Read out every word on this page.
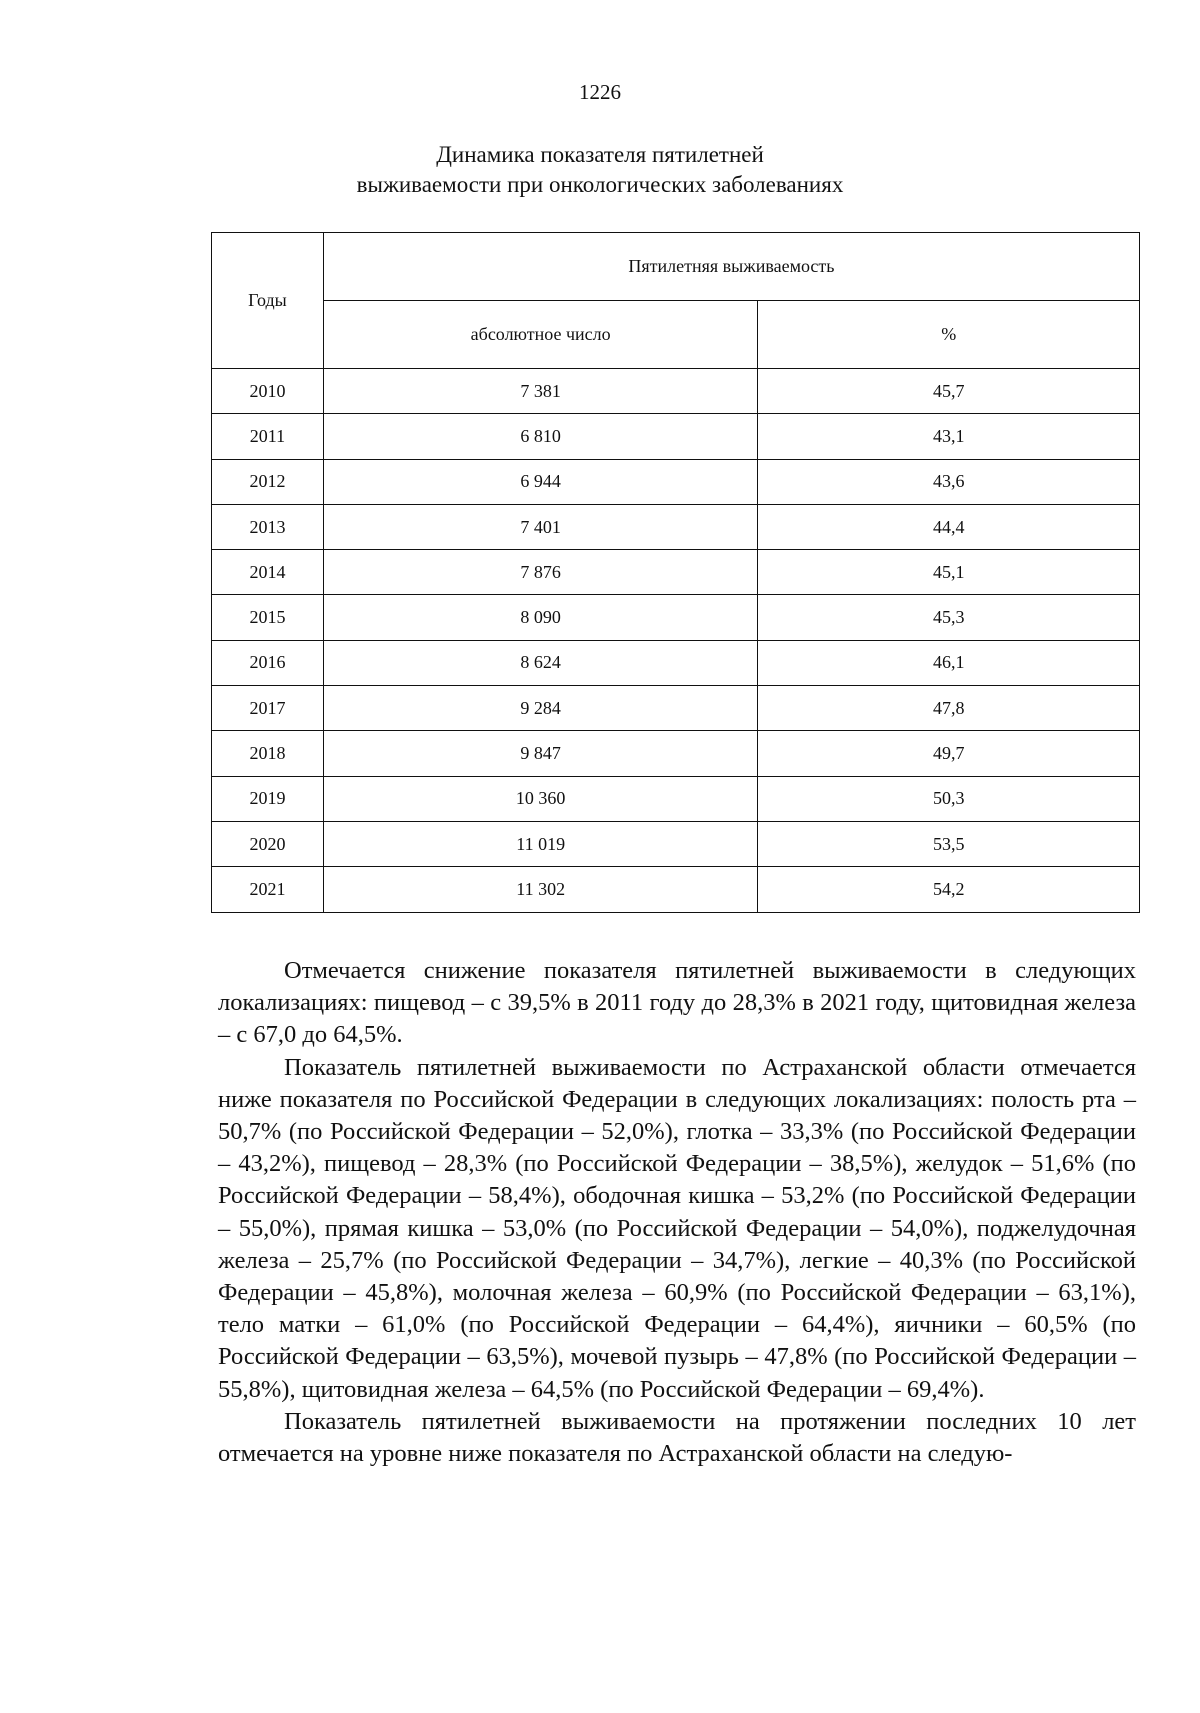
1226
Динамика показателя пятилетней
выживаемости при онкологических заболеваниях
Годы	Пятилетняя выживаемость	
	абсолютное число	%
2010	7 381	45,7
2011	6 810	43,1
2012	6 944	43,6
2013	7 401	44,4
2014	7 876	45,1
2015	8 090	45,3
2016	8 624	46,1
2017	9 284	47,8
2018	9 847	49,7
2019	10 360	50,3
2020	11 019	53,5
2021	11 302	54,2

Отмечается снижение показателя пятилетней выживаемости в следующих локализациях: пищевод – с 39,5% в 2011 году до 28,3% в 2021 году, щитовидная железа – с 67,0 до 64,5%.

Показатель пятилетней выживаемости по Астраханской области отмечается ниже показателя по Российской Федерации в следующих локализациях: полость рта – 50,7% (по Российской Федерации – 52,0%), глотка – 33,3% (по Российской Федерации – 43,2%), пищевод – 28,3% (по Российской Федерации – 38,5%), желудок – 51,6% (по Российской Федерации – 58,4%), ободочная кишка – 53,2% (по Российской Федерации – 55,0%), прямая кишка – 53,0% (по Российской Федерации – 54,0%), поджелудочная железа – 25,7% (по Российской Федерации – 34,7%), легкие – 40,3% (по Российской Федерации – 45,8%), молочная железа – 60,9% (по Российской Федерации – 63,1%), тело матки – 61,0% (по Российской Федерации – 64,4%), яичники – 60,5% (по Российской Федерации – 63,5%), мочевой пузырь – 47,8% (по Российской Федерации – 55,8%), щитовидная железа – 64,5% (по Российской Федерации – 69,4%).

Показатель пятилетней выживаемости на протяжении последних 10 лет отмечается на уровне ниже показателя по Астраханской области на следую-
